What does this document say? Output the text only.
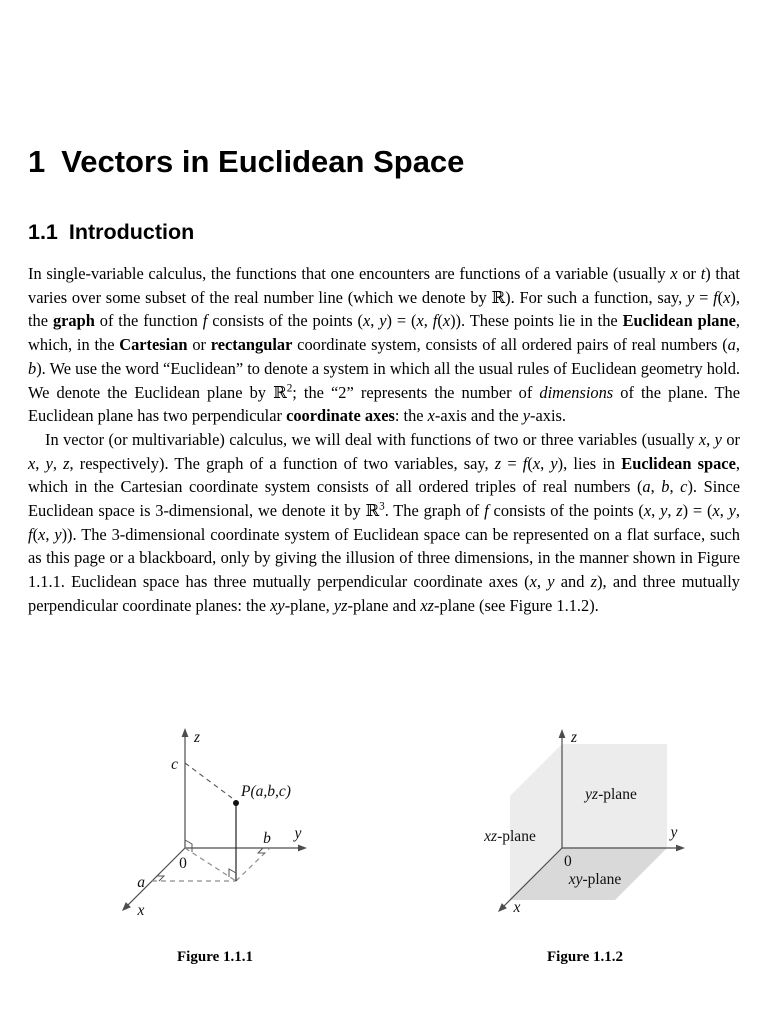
1 Vectors in Euclidean Space
1.1 Introduction

In single-variable calculus, the functions that one encounters are functions of a variable (usually x or t) that varies over some subset of the real number line (which we denote by ℝ). For such a function, say, y = f(x), the graph of the function f consists of the points (x, y) = (x, f(x)). These points lie in the Euclidean plane, which, in the Cartesian or rectangular coordinate system, consists of all ordered pairs of real numbers (a, b). We use the word “Euclidean” to denote a system in which all the usual rules of Euclidean geometry hold. We denote the Euclidean plane by ℝ$^2$; the “2” represents the number of dimensions of the plane. The Euclidean plane has two perpendicular coordinate axes: the x-axis and the y-axis.

In vector (or multivariable) calculus, we will deal with functions of two or three variables (usually x, y or x, y, z, respectively). The graph of a function of two variables, say, z = f(x, y), lies in Euclidean space, which in the Cartesian coordinate system consists of all ordered triples of real numbers (a, b, c). Since Euclidean space is 3-dimensional, we denote it by ℝ$^3$. The graph of f consists of the points (x, y, z) = (x, y, f(x, y)). The 3-dimensional coordinate system of Euclidean space can be represented on a flat surface, such as this page or a blackboard, only by giving the illusion of three dimensions, in the manner shown in Figure 1.1.1. Euclidean space has three mutually perpendicular coordinate axes (x, y and z), and three mutually perpendicular coordinate planes: the xy-plane, yz-plane and xz-plane (see Figure 1.1.2).

z
c
P(a,b,c)
b y
0
a
x
z
y
x
0
yz-plane
xz-plane
xy-plane
Figure 1.1.1	Figure 1.1.2
